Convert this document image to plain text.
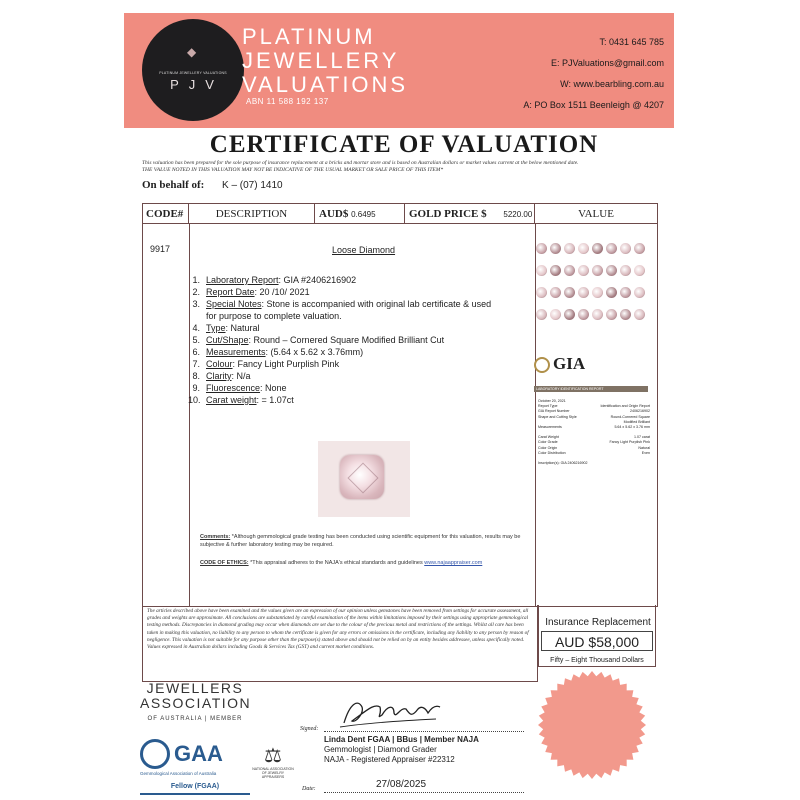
◆
PLATINUM JEWELLERY VALUATIONS
PJV
PLATINUM
JEWELLERY
VALUATIONS
ABN 11 588 192 137
T: 0431 645 785
E: PJValuations@gmail.com
W: www.bearbling.com.au
A: PO Box 1511 Beenleigh @ 4207
CERTIFICATE OF VALUATION
This valuation has been prepared for the sole purpose of insurance replacement at a bricks and mortar store and is based on Australian dollars or market values current at the below mentioned date.
THE VALUE NOTED IN THIS VALUATION MAY NOT BE INDICATIVE OF THE USUAL MARKET OR SALE PRICE OF THIS ITEM*
On behalf of: K – (07) 1410
CODE#	DESCRIPTION	AUD$ 0.6495	GOLD PRICE $ 5220.00	VALUE
9917	Loose Diamond
1. Laboratory Report: GIA #2406216902
2. Report Date: 20 /10/ 2021
3. Special Notes: Stone is accompanied with original lab certificate & used
for purpose to complete valuation.
4. Type: Natural
5. Cut/Shape: Round – Cornered Square Modified Brilliant Cut
6. Measurements: (5.64 x 5.62 x 3.76mm)
7. Colour: Fancy Light Purplish Pink
8. Clarity: N/a
9. Fluorescence: None
10. Carat weight: = 1.07ct
Comments: *Although gemmological grade testing has been conducted using scientific equipment for this valuation, results may be subjective & further laboratory testing may be required.
CODE OF ETHICS: *This appraisal adheres to the NAJA's ethical standards and guidelines www.najaappraiser.com
GIA
LABORATORY IDENTIFICATION REPORT
October 20, 2021
Report Type	Identification and Origin Report
GIA Report Number	2406216902
Shape and Cutting Style	Round-Cornered Square
Modified Brilliant
Measurements	5.64 x 5.62 x 3.76 mm
Carat Weight	1.07 carat
Color Grade	Fancy Light Purplish Pink
Color Origin	Natural
Color Distribution	Even
Inscription(s): GIA 2406216902
The articles described above have been examined and the values given are an expression of our opinion unless gemstones have been removed from settings for accurate assessment, all grades and weights are approximate. All conclusions are substantiated by careful examination of the items within limitations imposed by their settings using appropriate gemmological testing methods. Discrepancies in diamond grading may occur when diamonds are set due to the colour of the precious metal and restrictions of the settings. Whilst all care has been taken in making this valuation, no liability to any person to whom the certificate is given for any errors or omissions in the certificate, including any liability to any person by reason of negligence. This valuation is not suitable for any purpose other than the purpose(s) stated above and should not be relied on by an entity besides addressee, unless specifically noted. Values expressed in Australian dollars including Goods & Services Tax (GST) and current market conditions.
Insurance Replacement
AUD $58,000
Fifty – Eight Thousand Dollars
JEWELLERS
ASSOCIATION
OF AUSTRALIA | MEMBER
GAA
Gemmological Association of Australia
Fellow (FGAA)
⚖
NATIONAL ASSOCIATION OF JEWELRY APPRAISERS
Signed:
Linda Dent FGAA | BBus | Member NAJA
Gemmologist | Diamond Grader
NAJA - Registered Appraiser #22312
Date:	27/08/2025
